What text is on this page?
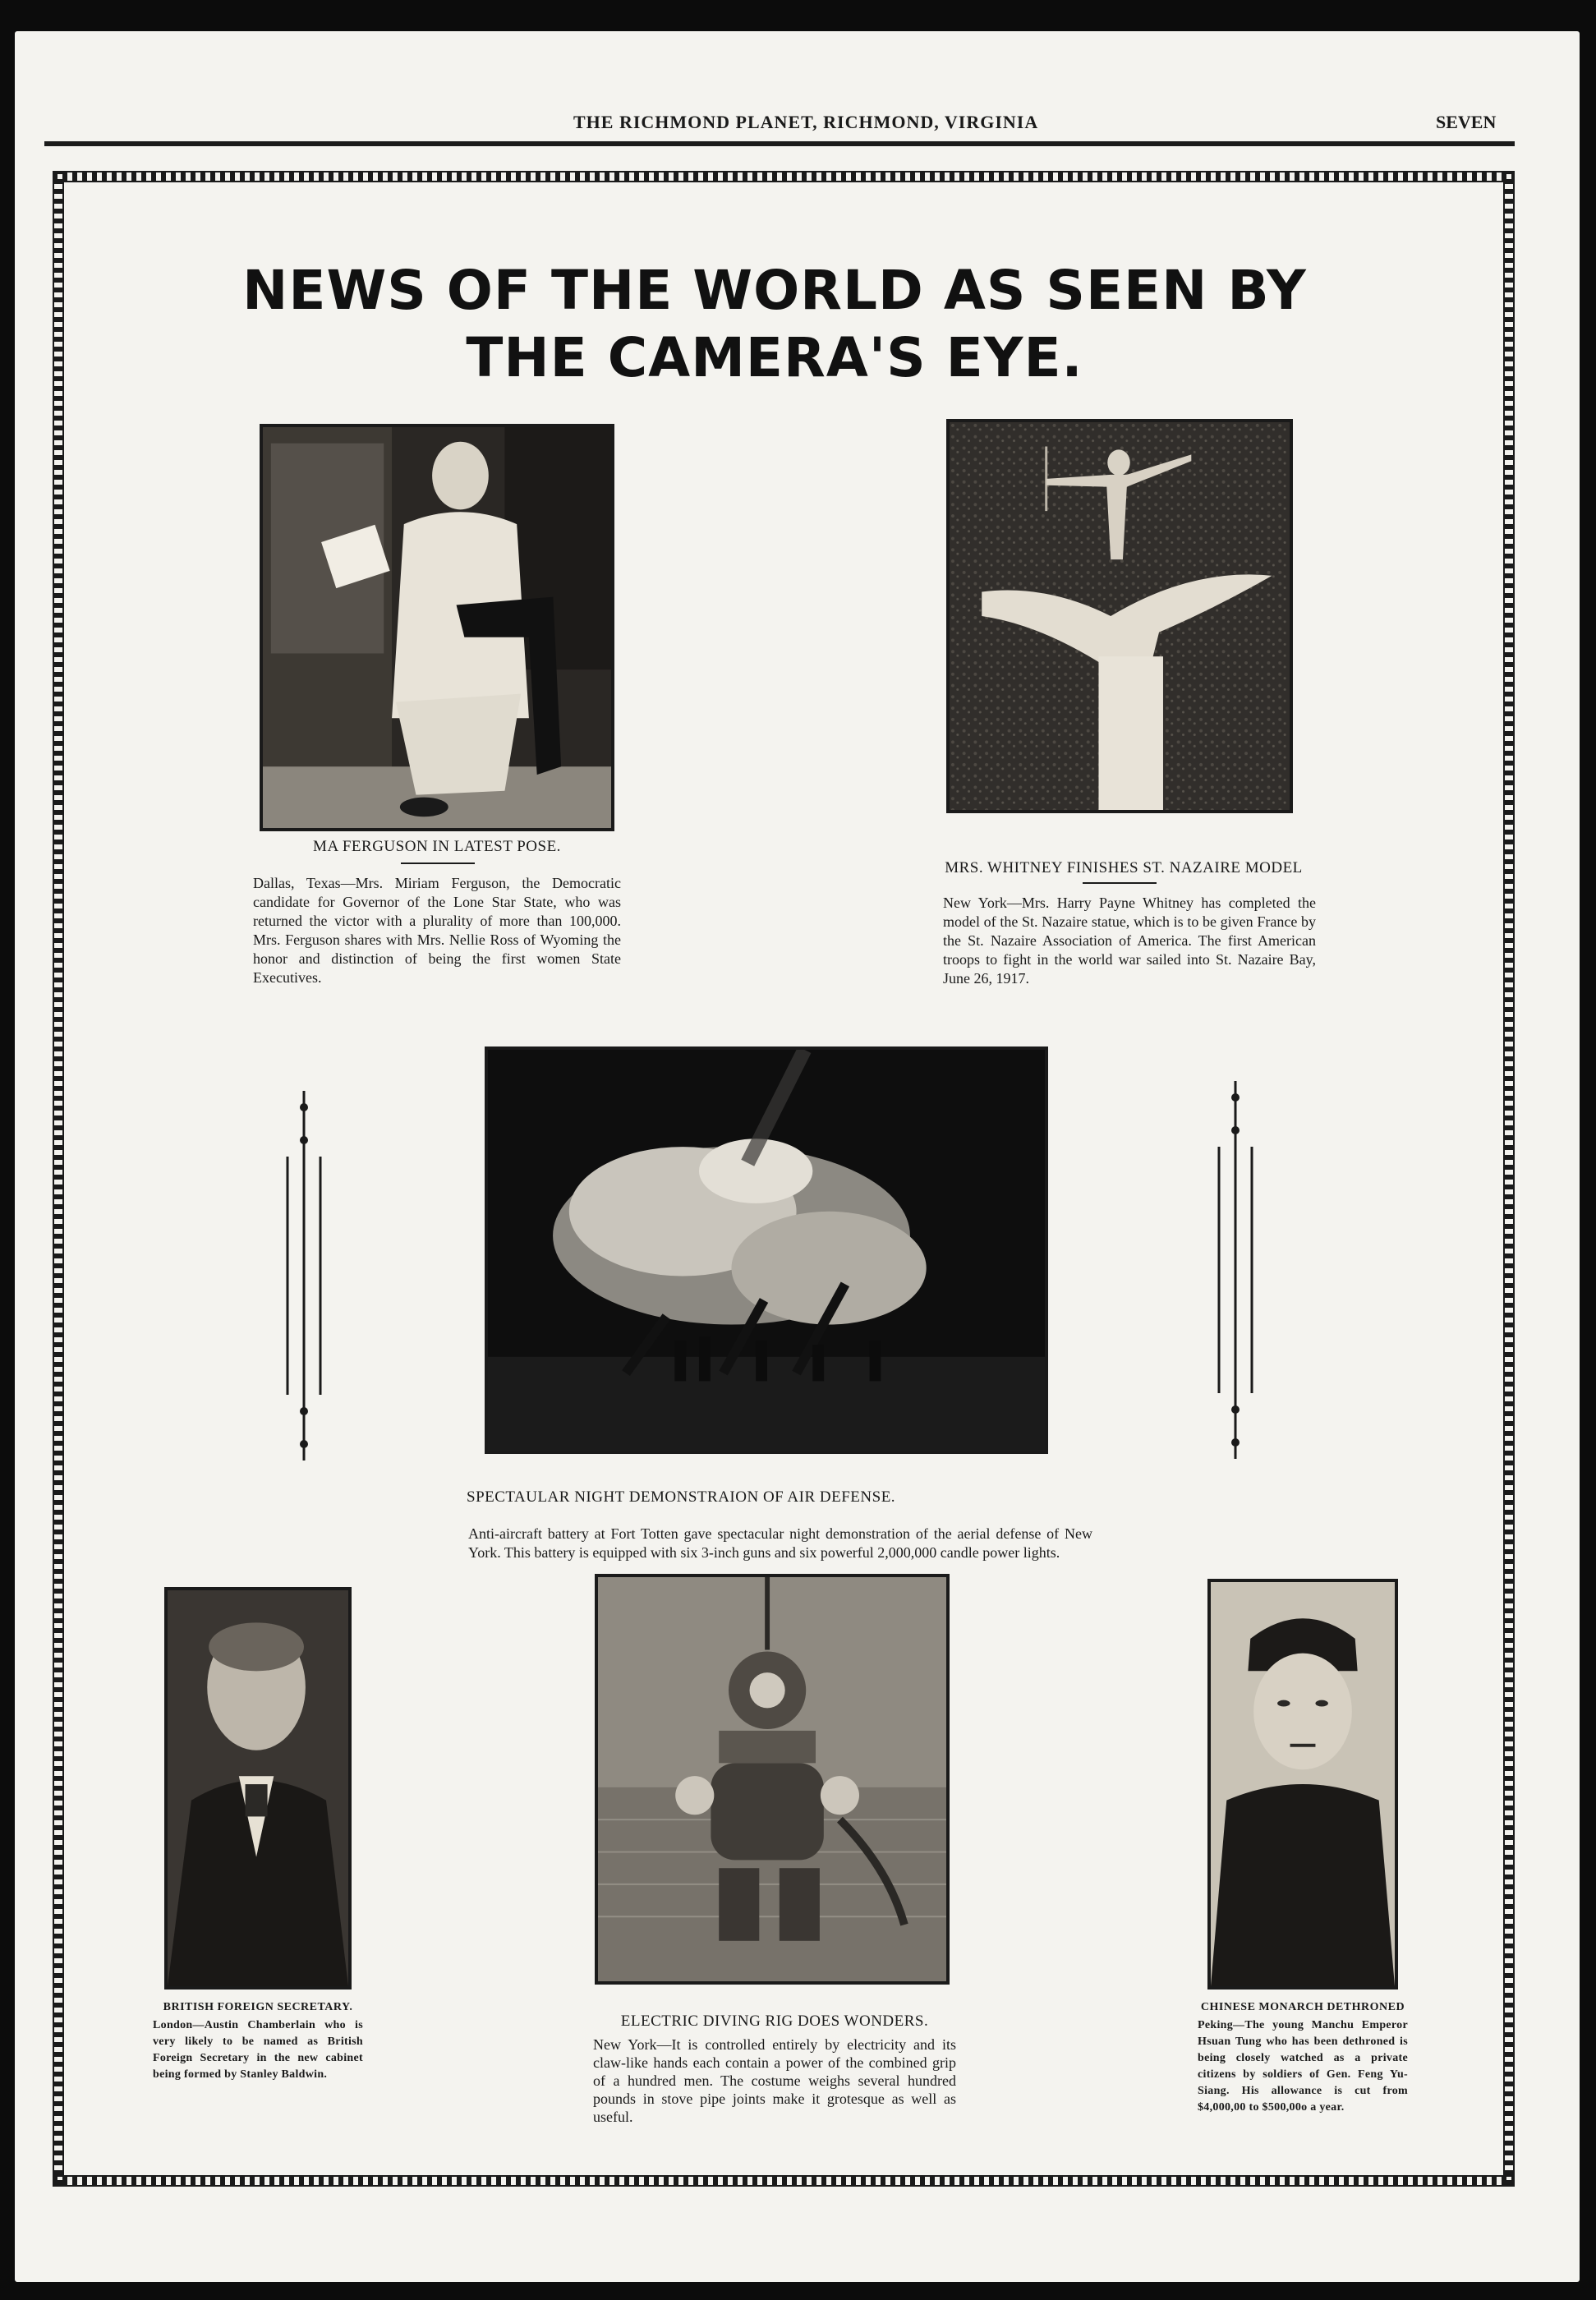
THE RICHMOND PLANET, RICHMOND, VIRGINIA	SEVEN
NEWS OF THE WORLD AS SEEN BY
THE CAMERA'S EYE.
MA FERGUSON IN LATEST POSE.
Dallas, Texas—Mrs. Miriam Ferguson, the Democratic candidate for Governor of the Lone Star State, who was returned the victor with a plurality of more than 100,000. Mrs. Ferguson shares with Mrs. Nellie Ross of Wyoming the honor and distinction of being the first women State Executives.
MRS. WHITNEY FINISHES ST. NAZAIRE MODEL
New York—Mrs. Harry Payne Whitney has completed the model of the St. Nazaire statue, which is to be given France by the St. Nazaire Association of America. The first American troops to fight in the world war sailed into St. Nazaire Bay, June 26, 1917.
SPECTAULAR NIGHT DEMONSTRAION OF AIR DEFENSE.
Anti-aircraft battery at Fort Totten gave spectacular night demonstration of the aerial defense of New York. This battery is equipped with six 3-inch guns and six powerful 2,000,000 candle power lights.
BRITISH FOREIGN SECRETARY.
London—Austin Chamberlain who is very likely to be named as British Foreign Secretary in the new cabinet being formed by Stanley Baldwin.
ELECTRIC DIVING RIG DOES WONDERS.
New York—It is controlled entirely by electricity and its claw-like hands each contain a power of the combined grip of a hundred men. The costume weighs several hundred pounds in stove pipe joints make it grotesque as well as useful.
CHINESE MONARCH DETHRONED
Peking—The young Manchu Emperor Hsuan Tung who has been dethroned is being closely watched as a private citizens by soldiers of Gen. Feng Yu-Siang. His allowance is cut from $4,000,00 to $500,00o a year.
